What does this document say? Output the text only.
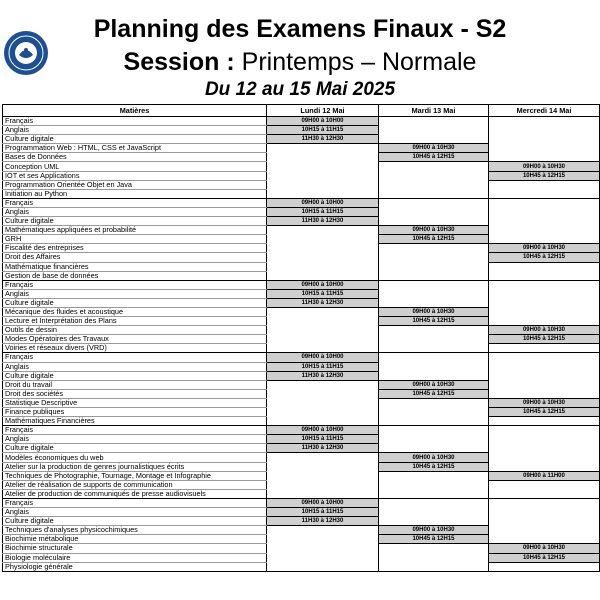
Planning des Examens Finaux - S2
Session : Printemps – Normale
Du 12 au 15 Mai 2025
Matières	Lundi 12 Mai	Mardi 13 Mai	Mercredi 14 Mai
Français	09H00 à 10H00		
Anglais	10H15 à 11H15		
Culture digitale	11H30 à 12H30		
Programmation Web : HTML, CSS et JavaScript		09H00 à 10H30	
Bases de Données		10H45 à 12H15	
Conception UML			09H00 à 10H30
IOT et ses Applications			10H45 à 12H15
Programmation Orientée Objet en Java			
Initiation au Python			
Français	09H00 à 10H00		
Anglais	10H15 à 11H15		
Culture digitale	11H30 à 12H30		
Mathématiques appliquées et probabilité		09H00 à 10H30	
GRH		10H45 à 12H15	
Fiscalité des entreprises			09H00 à 10H30
Droit des Affaires			10H45 à 12H15
Mathématique financières			
Gestion de base de données			
Français	09H00 à 10H00		
Anglais	10H15 à 11H15		
Culture digitale	11H30 à 12H30		
Mécanique des fluides et acoustique		09H00 à 10H30	
Lecture et Interprétation des Plans		10H45 à 12H15	
Outils de dessin			09H00 à 10H30
Modes Opératoires des Travaux			10H45 à 12H15
Voiries et réseaux divers (VRD)			
Français	09H00 à 10H00		
Anglais	10H15 à 11H15		
Culture digitale	11H30 à 12H30		
Droit du travail		09H00 à 10H30	
Droit des sociétés		10H45 à 12H15	
Statistique Descriptive			09H00 à 10H30
Finance publiques			10H45 à 12H15
Mathématiques Financières			
Français	09H00 à 10H00		
Anglais	10H15 à 11H15		
Culture digitale	11H30 à 12H30		
Modèles économiques du web		09H00 à 10H30	
Atelier sur la production de genres journalistiques écrits		10H45 à 12H15	
Techniques de Photographie, Tournage, Montage et Infographie			09H00 à 11H00
Atelier de réalisation de supports de communication			
Atelier de production de communiqués de presse audiovisuels			
Français	09H00 à 10H00		
Anglais	10H15 à 11H15		
Culture digitale	11H30 à 12H30		
Techniques d'analyses physicochimiques		09H00 à 10H30	
Biochimie métabolique		10H45 à 12H15	
Biochimie structurale			09H00 à 10H30
Biologie moléculaire			10H45 à 12H15
Physiologie générale			
